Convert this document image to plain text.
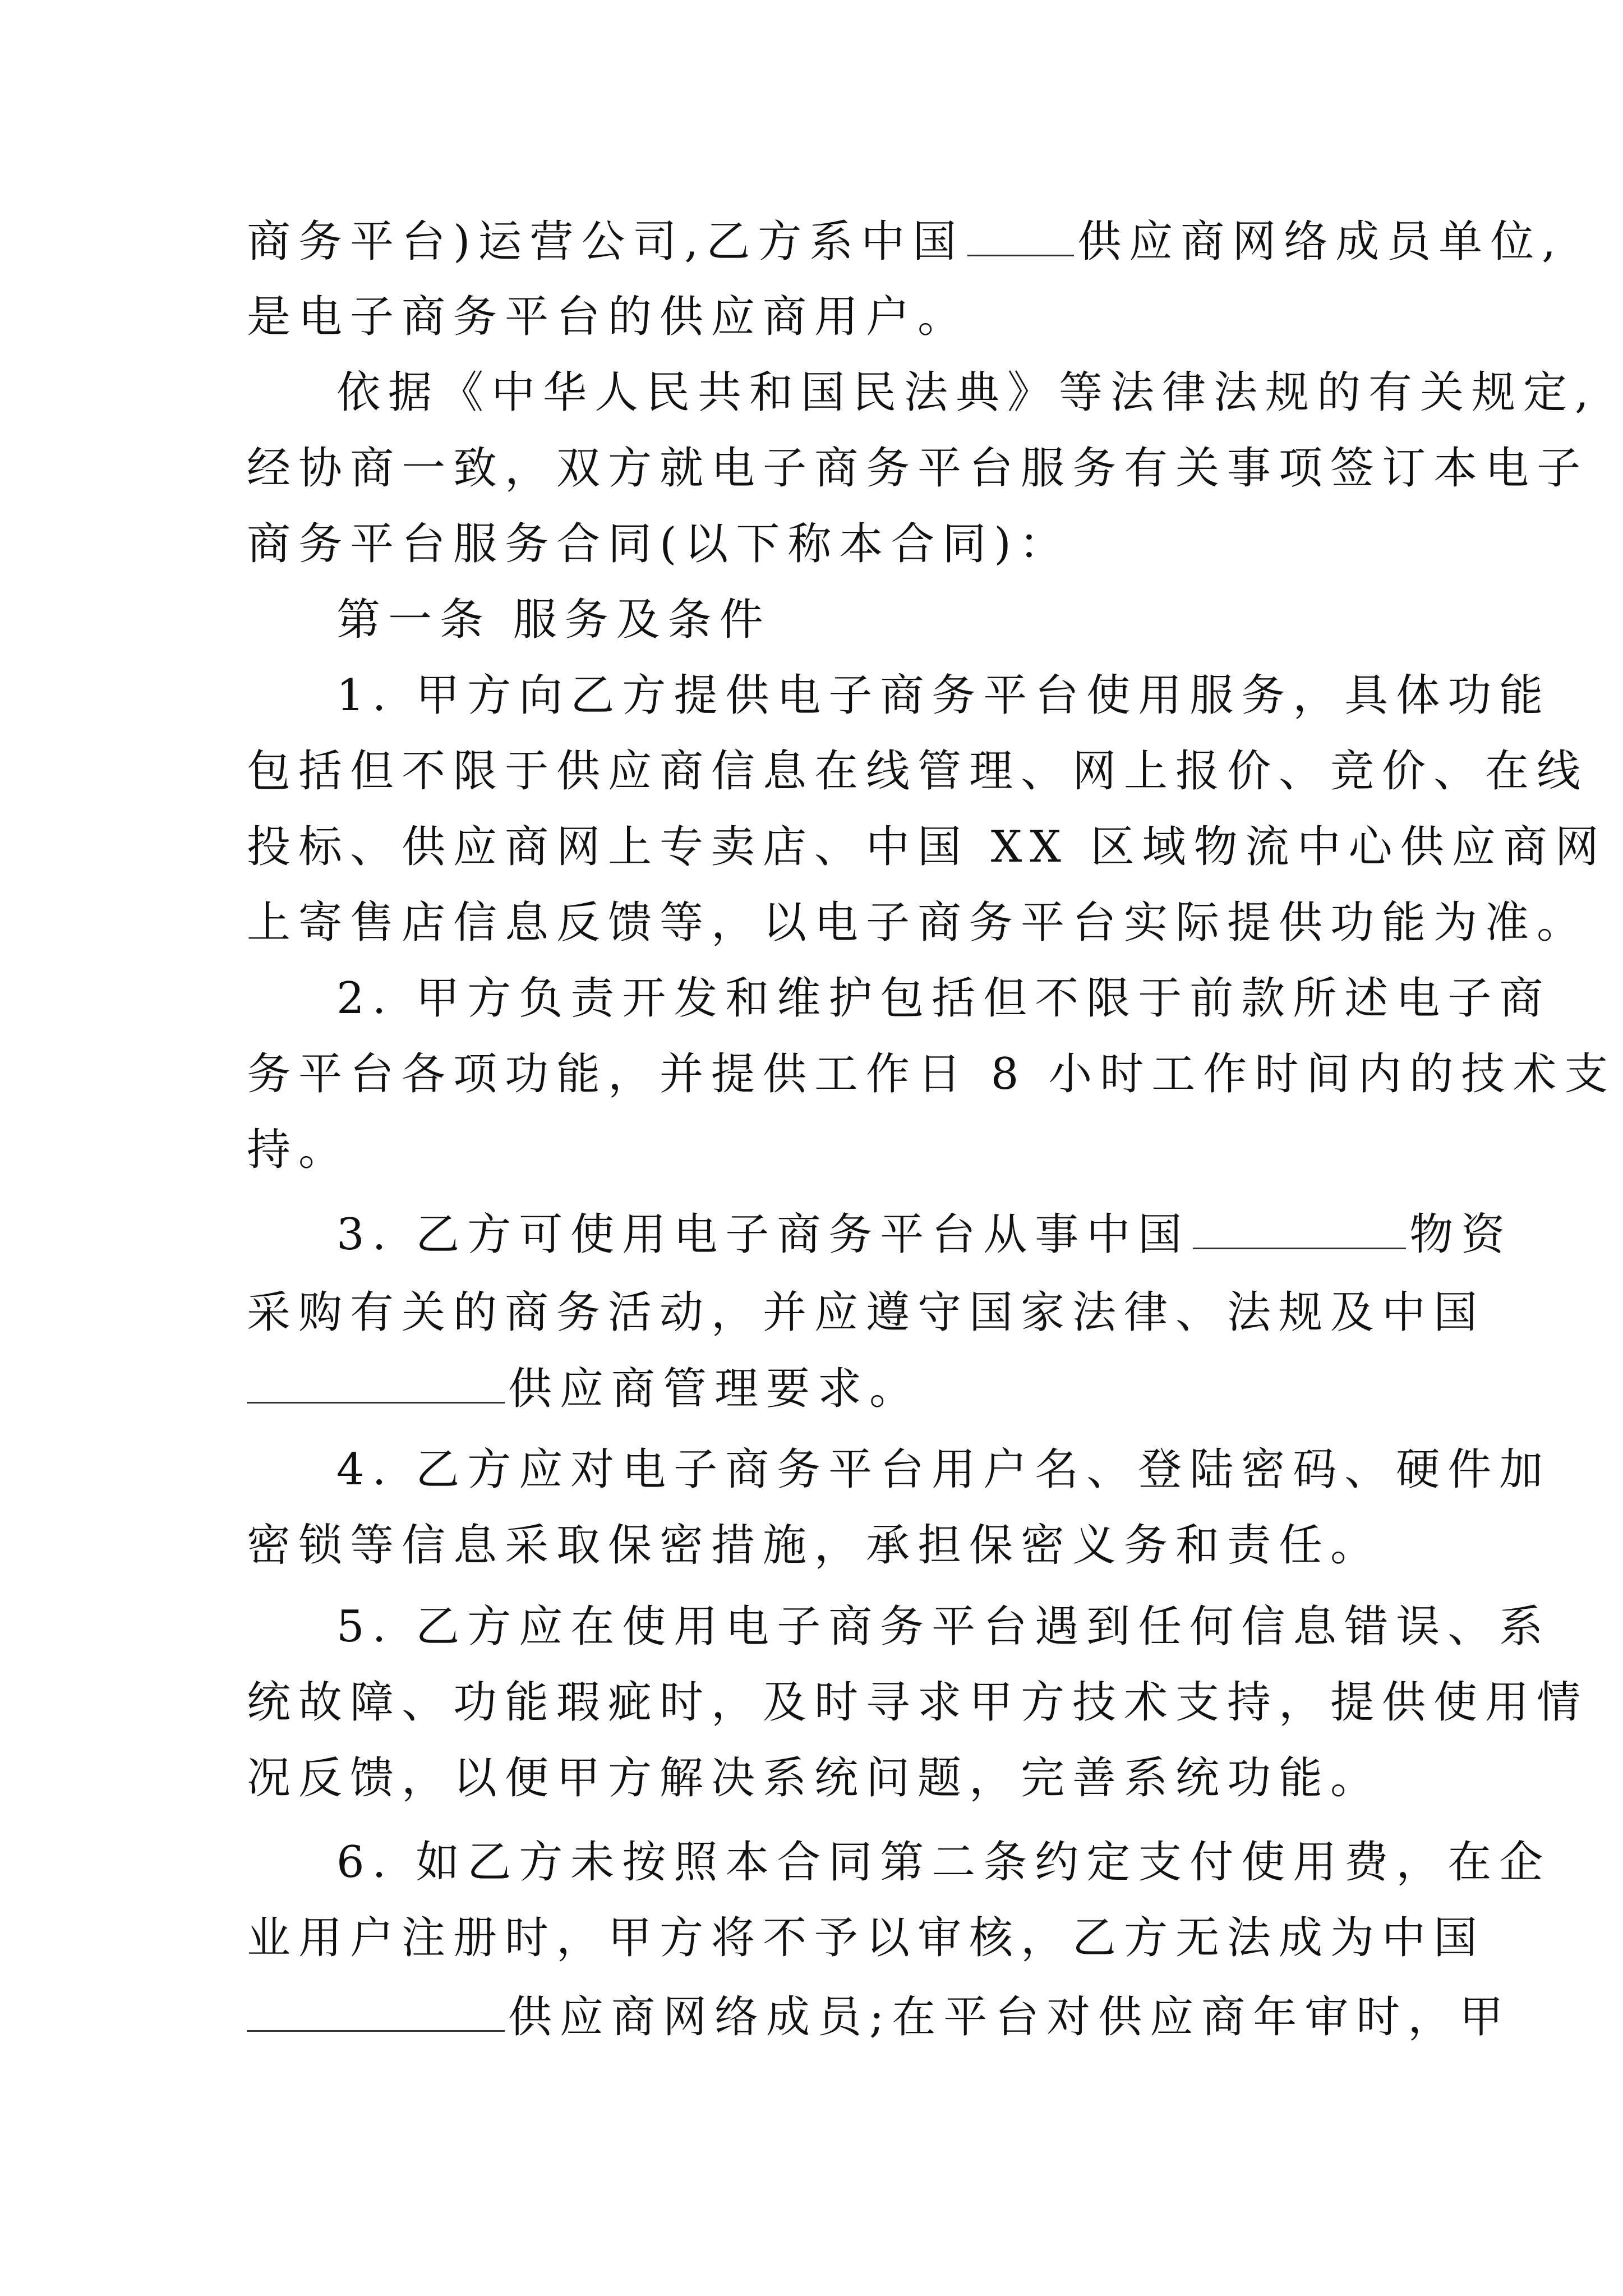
商务平台)运营公司,乙方系中国	供应商网络成员单位,
是电子商务平台的供应商用户。
依据《中华人民共和国民法典》等法律法规的有关规定,
经协商一致，双方就电子商务平台服务有关事项签订本电子
商务平台服务合同(以下称本合同)：
第一条 服务及条件
1. 甲方向乙方提供电子商务平台使用服务，具体功能
包括但不限于供应商信息在线管理、网上报价、竞价、在线
投标、供应商网上专卖店、中国 XX 区域物流中心供应商网
上寄售店信息反馈等，以电子商务平台实际提供功能为准。
2. 甲方负责开发和维护包括但不限于前款所述电子商
务平台各项功能，并提供工作日 8 小时工作时间内的技术支
持。
3. 乙方可使用电子商务平台从事中国	物资
采购有关的商务活动，并应遵守国家法律、法规及中国
供应商管理要求。
4. 乙方应对电子商务平台用户名、登陆密码、硬件加
密锁等信息采取保密措施，承担保密义务和责任。
5. 乙方应在使用电子商务平台遇到任何信息错误、系
统故障、功能瑕疵时，及时寻求甲方技术支持，提供使用情
况反馈，以便甲方解决系统问题，完善系统功能。
6. 如乙方未按照本合同第二条约定支付使用费，在企
业用户注册时，甲方将不予以审核，乙方无法成为中国
供应商网络成员;在平台对供应商年审时，甲
